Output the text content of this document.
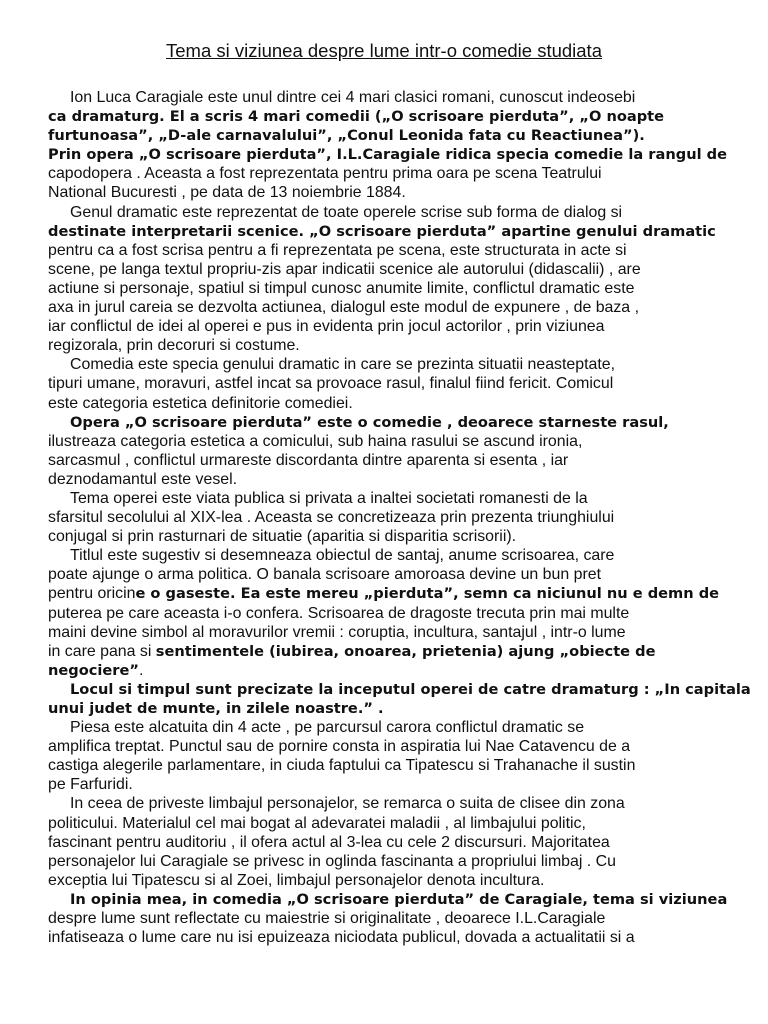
Tema si viziunea despre lume intr-o comedie studiata
Ion Luca Caragiale este unul dintre cei 4 mari clasici romani, cunoscut indeosebi
ca dramaturg. El a scris 4 mari comedii („O scrisoare pierduta”, „O noapte
furtunoasa”, „D-ale carnavalului”, „Conul Leonida fata cu Reactiunea”).
Prin opera „O scrisoare pierduta”, I.L.Caragiale ridica specia comedie la rangul de
capodopera . Aceasta a fost reprezentata pentru prima oara pe scena Teatrului
National Bucuresti , pe data de 13 noiembrie 1884.
Genul dramatic este reprezentat de toate operele scrise sub forma de dialog si
destinate interpretarii scenice. „O scrisoare pierduta” apartine genului dramatic
pentru ca a fost scrisa pentru a fi reprezentata pe scena, este structurata in acte si
scene, pe langa textul propriu-zis apar indicatii scenice ale autorului (didascalii) , are
actiune si personaje, spatiul si timpul cunosc anumite limite, conflictul dramatic este
axa in jurul careia se dezvolta actiunea, dialogul este modul de expunere , de baza ,
iar conflictul de idei al operei e pus in evidenta prin jocul actorilor , prin viziunea
regizorala, prin decoruri si costume.
Comedia este specia genului dramatic in care se prezinta situatii neasteptate,
tipuri umane, moravuri, astfel incat sa provoace rasul, finalul fiind fericit. Comicul
este categoria estetica definitorie comediei.
Opera „O scrisoare pierduta” este o comedie , deoarece starneste rasul,
ilustreaza categoria estetica a comicului, sub haina rasului se ascund ironia,
sarcasmul , conflictul urmareste discordanta dintre aparenta si esenta , iar
deznodamantul este vesel.
Tema operei este viata publica si privata a inaltei societati romanesti de la
sfarsitul secolului al XIX-lea . Aceasta se concretizeaza prin prezenta triunghiului
conjugal si prin rasturnari de situatie (aparitia si disparitia scrisorii).
Titlul este sugestiv si desemneaza obiectul de santaj, anume scrisoarea, care
poate ajunge o arma politica. O banala scrisoare amoroasa devine un bun pret
pentru oricine o gaseste. Ea este mereu „pierduta”, semn ca niciunul nu e demn de
puterea pe care aceasta i-o confera. Scrisoarea de dragoste trecuta prin mai multe
maini devine simbol al moravurilor vremii : coruptia, incultura, santajul , intr-o lume
in care pana si sentimentele (iubirea, onoarea, prietenia) ajung „obiecte de
negociere”.
Locul si timpul sunt precizate la inceputul operei de catre dramaturg : „In capitala
unui judet de munte, in zilele noastre.” .
Piesa este alcatuita din 4 acte , pe parcursul carora conflictul dramatic se
amplifica treptat. Punctul sau de pornire consta in aspiratia lui Nae Catavencu de a
castiga alegerile parlamentare, in ciuda faptului ca Tipatescu si Trahanache il sustin
pe Farfuridi.
In ceea de priveste limbajul personajelor, se remarca o suita de clisee din zona
politicului. Materialul cel mai bogat al adevaratei maladii , al limbajului politic,
fascinant pentru auditoriu , il ofera actul al 3-lea cu cele 2 discursuri. Majoritatea
personajelor lui Caragiale se privesc in oglinda fascinanta a propriului limbaj . Cu
exceptia lui Tipatescu si al Zoei, limbajul personajelor denota incultura.
In opinia mea, in comedia „O scrisoare pierduta” de Caragiale, tema si viziunea
despre lume sunt reflectate cu maiestrie si originalitate , deoarece I.L.Caragiale
infatiseaza o lume care nu isi epuizeaza niciodata publicul, dovada a actualitatii si a
